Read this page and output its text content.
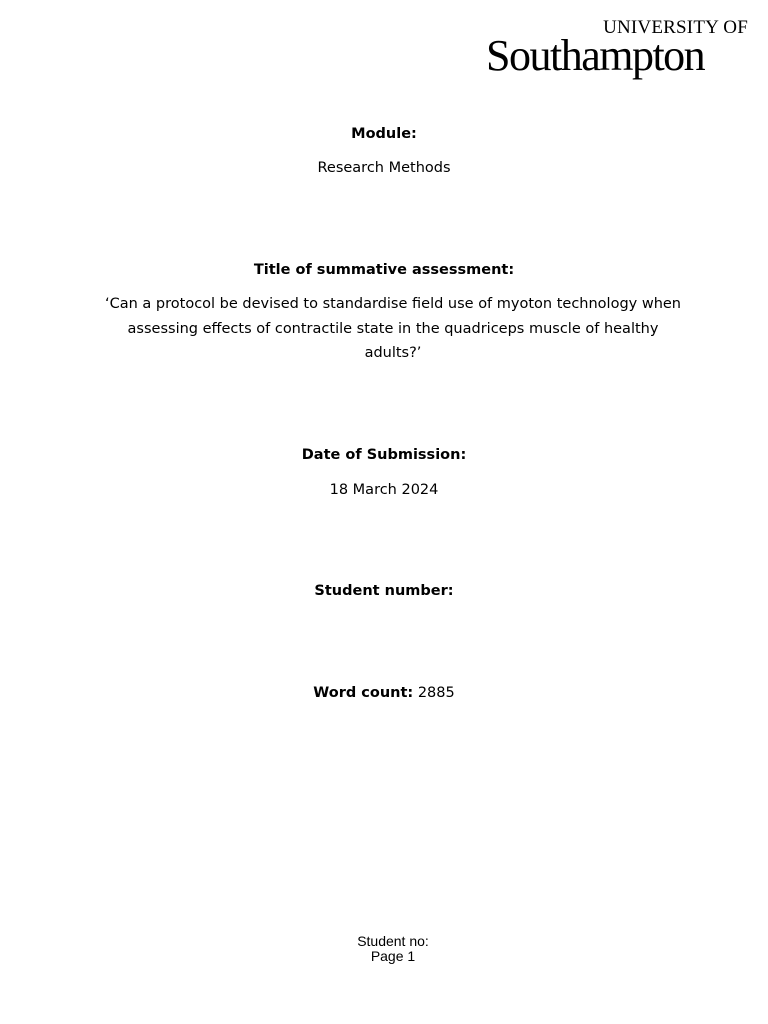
UNIVERSITY OF
Southampton
Module:
Research Methods
Title of summative assessment:
‘Can a protocol be devised to standardise field use of myoton technology when assessing effects of contractile state in the quadriceps muscle of healthy adults?’
Date of Submission:
18 March 2024
Student number:
Word count: 2885
Student no:
Page 1
